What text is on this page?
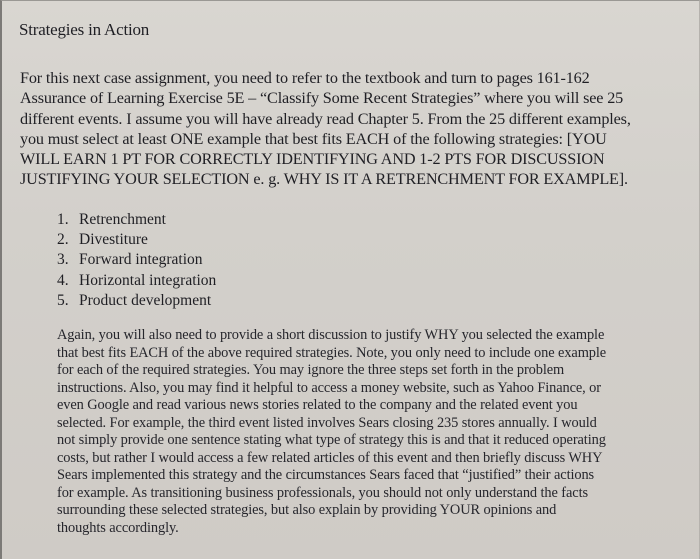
Strategies in Action

For this next case assignment, you need to refer to the textbook and turn to pages 161-162
Assurance of Learning Exercise 5E – “Classify Some Recent Strategies” where you will see 25
different events. I assume you will have already read Chapter 5. From the 25 different examples,
you must select at least ONE example that best fits EACH of the following strategies: [YOU
WILL EARN 1 PT FOR CORRECTLY IDENTIFYING AND 1-2 PTS FOR DISCUSSION
JUSTIFYING YOUR SELECTION e. g. WHY IS IT A RETRENCHMENT FOR EXAMPLE].

1. Retrenchment
2. Divestiture
3. Forward integration
4. Horizontal integration
5. Product development

Again, you will also need to provide a short discussion to justify WHY you selected the example
that best fits EACH of the above required strategies. Note, you only need to include one example
for each of the required strategies. You may ignore the three steps set forth in the problem
instructions. Also, you may find it helpful to access a money website, such as Yahoo Finance, or
even Google and read various news stories related to the company and the related event you
selected. For example, the third event listed involves Sears closing 235 stores annually. I would
not simply provide one sentence stating what type of strategy this is and that it reduced operating
costs, but rather I would access a few related articles of this event and then briefly discuss WHY
Sears implemented this strategy and the circumstances Sears faced that “justified” their actions
for example. As transitioning business professionals, you should not only understand the facts
surrounding these selected strategies, but also explain by providing YOUR opinions and
thoughts accordingly.
